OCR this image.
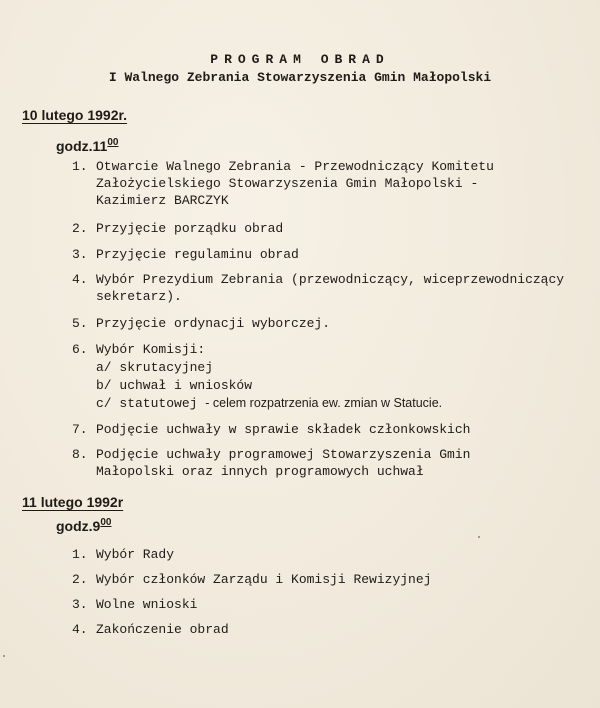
PROGRAM OBRAD
I Walnego Zebrania Stowarzyszenia Gmin Małopolski
10 lutego 1992r.
$godz.11^{00}$
1. Otwarcie Walnego Zebrania - Przewodniczący Komitetu
Założycielskiego Stowarzyszenia Gmin Małopolski -
Kazimierz BARCZYK
2. Przyjęcie porządku obrad
3. Przyjęcie regulaminu obrad
4. Wybór Prezydium Zebrania (przewodniczący, wiceprzewodniczący
sekretarz).
5. Przyjęcie ordynacji wyborczej.
6. Wybór Komisji:
a/ skrutacyjnej
b/ uchwał i wniosków
c/ statutowej - celem rozpatrzenia ew. zmian w Statucie.
7. Podjęcie uchwały w sprawie składek członkowskich
8. Podjęcie uchwały programowej Stowarzyszenia Gmin
Małopolski oraz innych programowych uchwał
11 lutego 1992r
$godz.9^{00}$
1. Wybór Rady
2. Wybór członków Zarządu i Komisji Rewizyjnej
3. Wolne wnioski
4. Zakończenie obrad
